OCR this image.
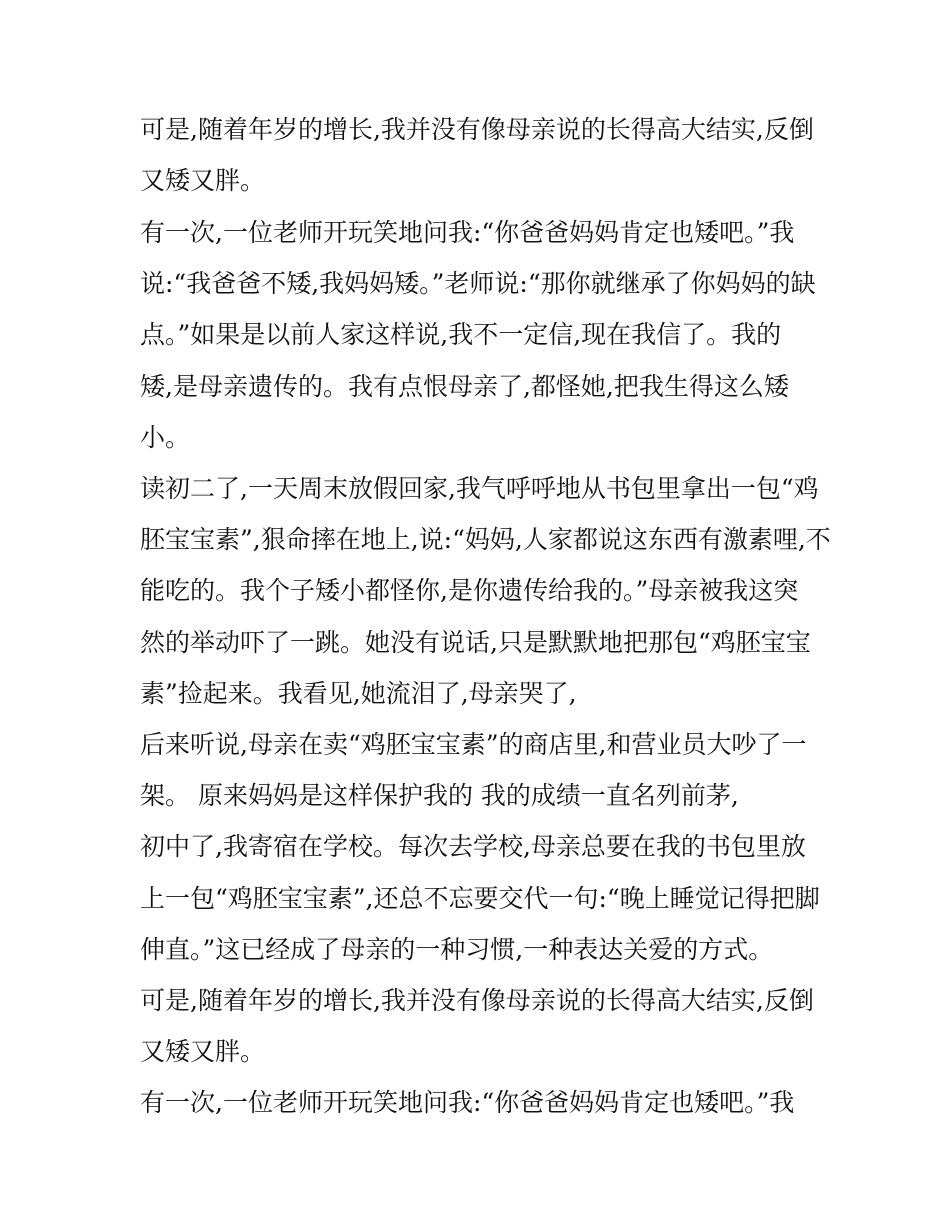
可是,随着年岁的增长,我并没有像母亲说的长得高大结实,反倒
又矮又胖。
有一次,一位老师开玩笑地问我:“你爸爸妈妈肯定也矮吧。”我
说:“我爸爸不矮,我妈妈矮。”老师说:“那你就继承了你妈妈的缺
点。”如果是以前人家这样说,我不一定信,现在我信了。我的
矮,是母亲遗传的。我有点恨母亲了,都怪她,把我生得这么矮
小。
读初二了,一天周末放假回家,我气呼呼地从书包里拿出一包“鸡
胚宝宝素”,狠命摔在地上,说:“妈妈,人家都说这东西有激素哩,不
能吃的。我个子矮小都怪你,是你遗传给我的。”母亲被我这突
然的举动吓了一跳。她没有说话,只是默默地把那包“鸡胚宝宝
素”捡起来。我看见,她流泪了,母亲哭了,
后来听说,母亲在卖“鸡胚宝宝素”的商店里,和营业员大吵了一
架。 原来妈妈是这样保护我的 我的成绩一直名列前茅,
初中了,我寄宿在学校。每次去学校,母亲总要在我的书包里放
上一包“鸡胚宝宝素”,还总不忘要交代一句:“晚上睡觉记得把脚
伸直。”这已经成了母亲的一种习惯,一种表达关爱的方式。
可是,随着年岁的增长,我并没有像母亲说的长得高大结实,反倒
又矮又胖。
有一次,一位老师开玩笑地问我:“你爸爸妈妈肯定也矮吧。”我
